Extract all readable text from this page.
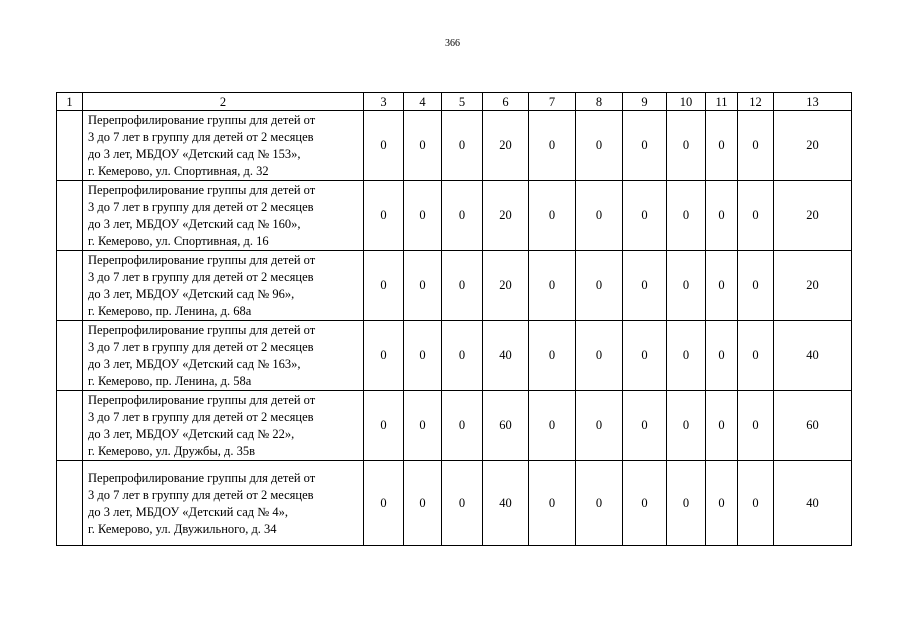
366
1	2	3	4	5	6	7	8	9	10	11	12	13

	Перепрофилирование группы для детей от
3 до 7 лет в группу для детей от 2 месяцев
до 3 лет, МБДОУ «Детский сад № 153»,
г. Кемерово, ул. Спортивная, д. 32	0	0	0	20	0	0	0	0	0	0	20

	Перепрофилирование группы для детей от
3 до 7 лет в группу для детей от 2 месяцев
до 3 лет, МБДОУ «Детский сад № 160»,
г. Кемерово, ул. Спортивная, д. 16	0	0	0	20	0	0	0	0	0	0	20

	Перепрофилирование группы для детей от
3 до 7 лет в группу для детей от 2 месяцев
до 3 лет, МБДОУ «Детский сад № 96»,
г. Кемерово, пр. Ленина, д. 68а	0	0	0	20	0	0	0	0	0	0	20

	Перепрофилирование группы для детей от
3 до 7 лет в группу для детей от 2 месяцев
до 3 лет, МБДОУ «Детский сад № 163»,
г. Кемерово, пр. Ленина, д. 58а	0	0	0	40	0	0	0	0	0	0	40

	Перепрофилирование группы для детей от
3 до 7 лет в группу для детей от 2 месяцев
до 3 лет, МБДОУ «Детский сад № 22»,
г. Кемерово, ул. Дружбы, д. 35в	0	0	0	60	0	0	0	0	0	0	60

	Перепрофилирование группы для детей от
3 до 7 лет в группу для детей от 2 месяцев
до 3 лет, МБДОУ «Детский сад № 4»,
г. Кемерово, ул. Двужильного, д. 34	0	0	0	40	0	0	0	0	0	0	40
